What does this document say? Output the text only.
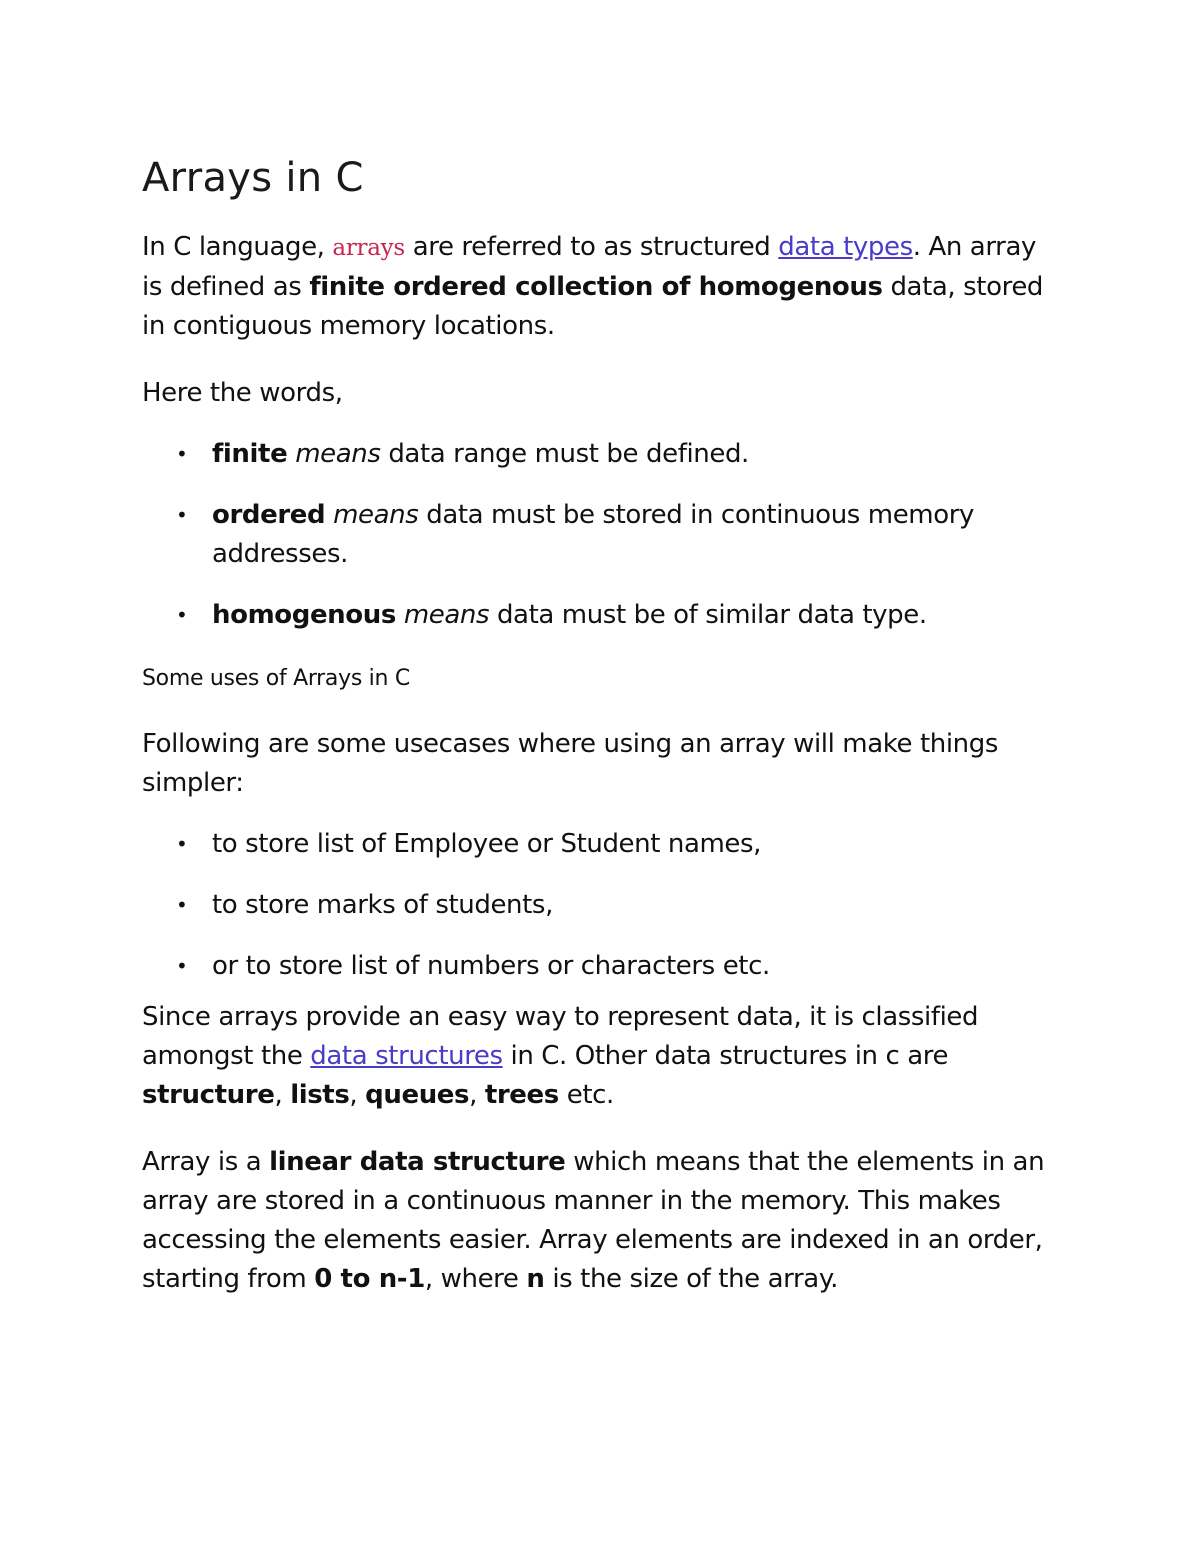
Arrays in C

In C language, arrays are referred to as structured data types. An array is defined as finite ordered collection of homogenous data, stored in contiguous memory locations.

Here the words,

• finite means data range must be defined.
• ordered means data must be stored in continuous memory addresses.
• homogenous means data must be of similar data type.

Some uses of Arrays in C

Following are some usecases where using an array will make things simpler:

• to store list of Employee or Student names,
• to store marks of students,
• or to store list of numbers or characters etc.

Since arrays provide an easy way to represent data, it is classified amongst the data structures in C. Other data structures in c are structure, lists, queues, trees etc.

Array is a linear data structure which means that the elements in an array are stored in a continuous manner in the memory. This makes accessing the elements easier. Array elements are indexed in an order, starting from 0 to n-1, where n is the size of the array.
